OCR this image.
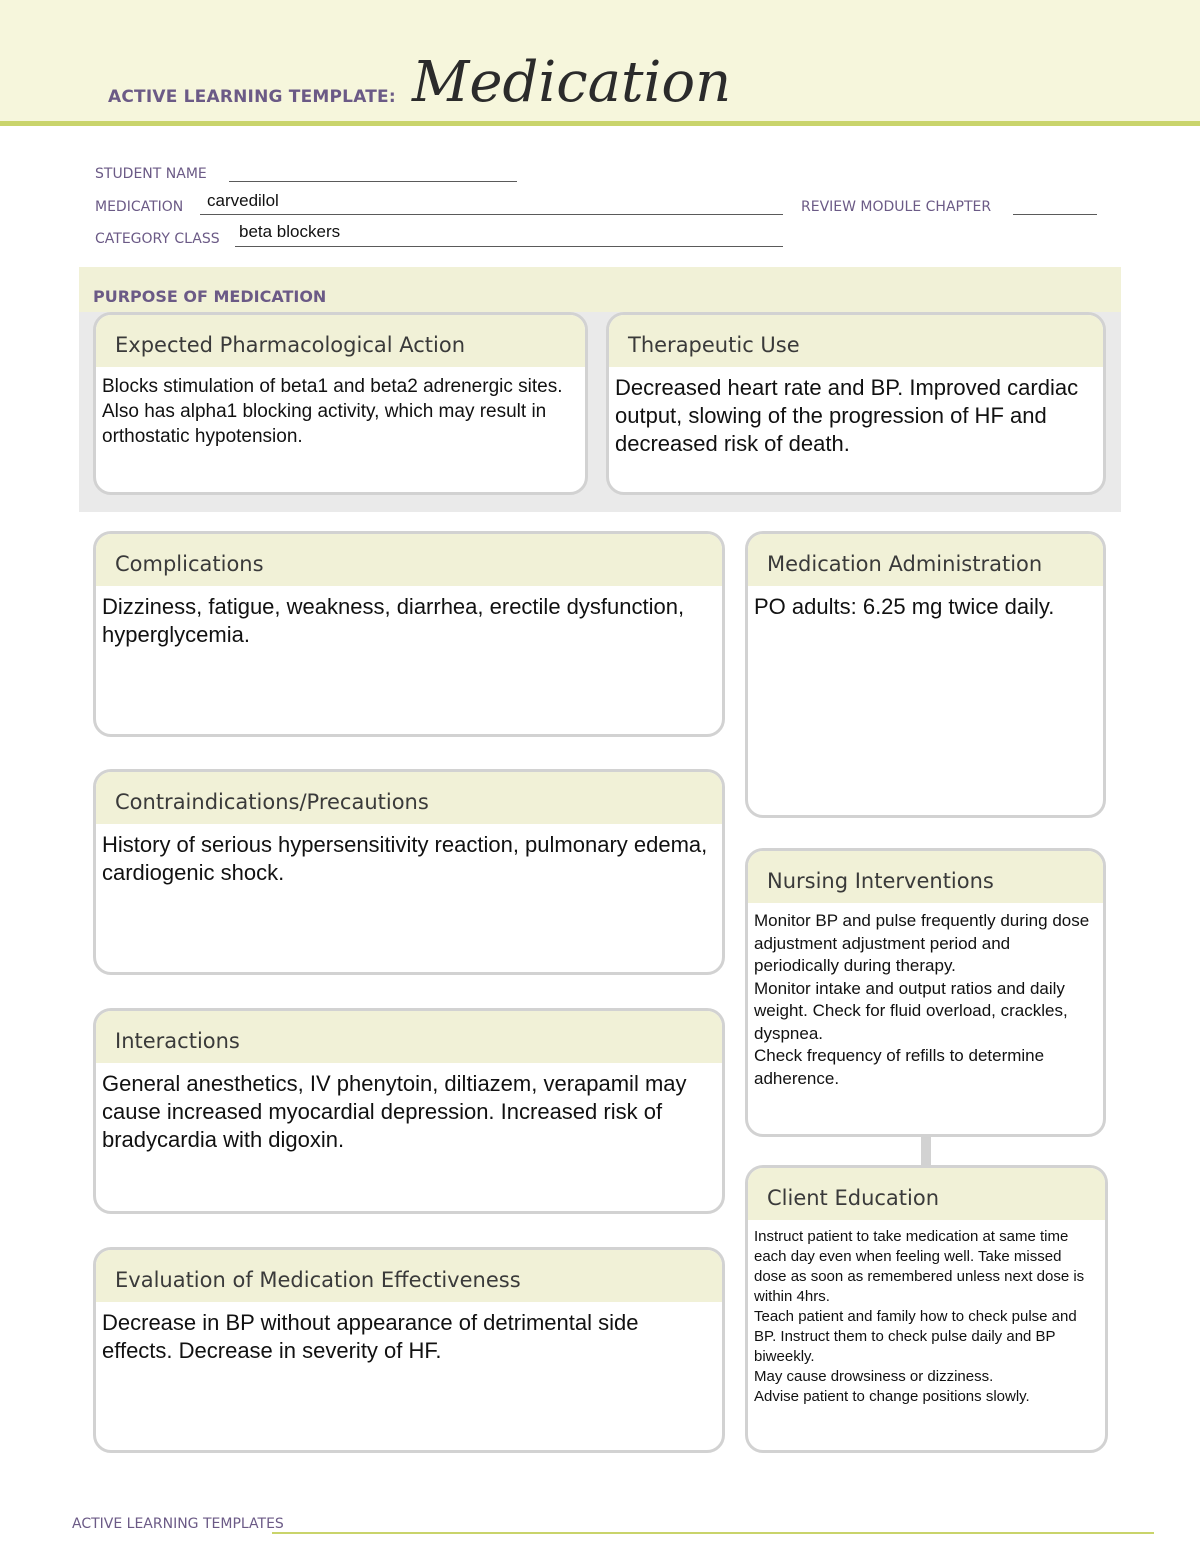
ACTIVE LEARNING TEMPLATE: Medication
STUDENT NAME
MEDICATION carvedilol	REVIEW MODULE CHAPTER
CATEGORY CLASS beta blockers
PURPOSE OF MEDICATION
Expected Pharmacological Action
Blocks stimulation of beta1 and beta2 adrenergic sites. Also has alpha1 blocking activity, which may result in orthostatic hypotension.
Therapeutic Use
Decreased heart rate and BP. Improved cardiac output, slowing of the progression of HF and decreased risk of death.
Complications
Dizziness, fatigue, weakness, diarrhea, erectile dysfunction, hyperglycemia.
Contraindications/Precautions
History of serious hypersensitivity reaction, pulmonary edema, cardiogenic shock.
Interactions
General anesthetics, IV phenytoin, diltiazem, verapamil may cause increased myocardial depression. Increased risk of bradycardia with digoxin.
Evaluation of Medication Effectiveness
Decrease in BP without appearance of detrimental side effects. Decrease in severity of HF.
Medication Administration
PO adults: 6.25 mg twice daily.
Nursing Interventions
Monitor BP and pulse frequently during dose adjustment adjustment period and periodically during therapy.
Monitor intake and output ratios and daily weight. Check for fluid overload, crackles, dyspnea.
Check frequency of refills to determine adherence.
Client Education
Instruct patient to take medication at same time each day even when feeling well. Take missed dose as soon as remembered unless next dose is within 4hrs.
Teach patient and family how to check pulse and BP. Instruct them to check pulse daily and BP biweekly.
May cause drowsiness or dizziness.
Advise patient to change positions slowly.
ACTIVE LEARNING TEMPLATES
